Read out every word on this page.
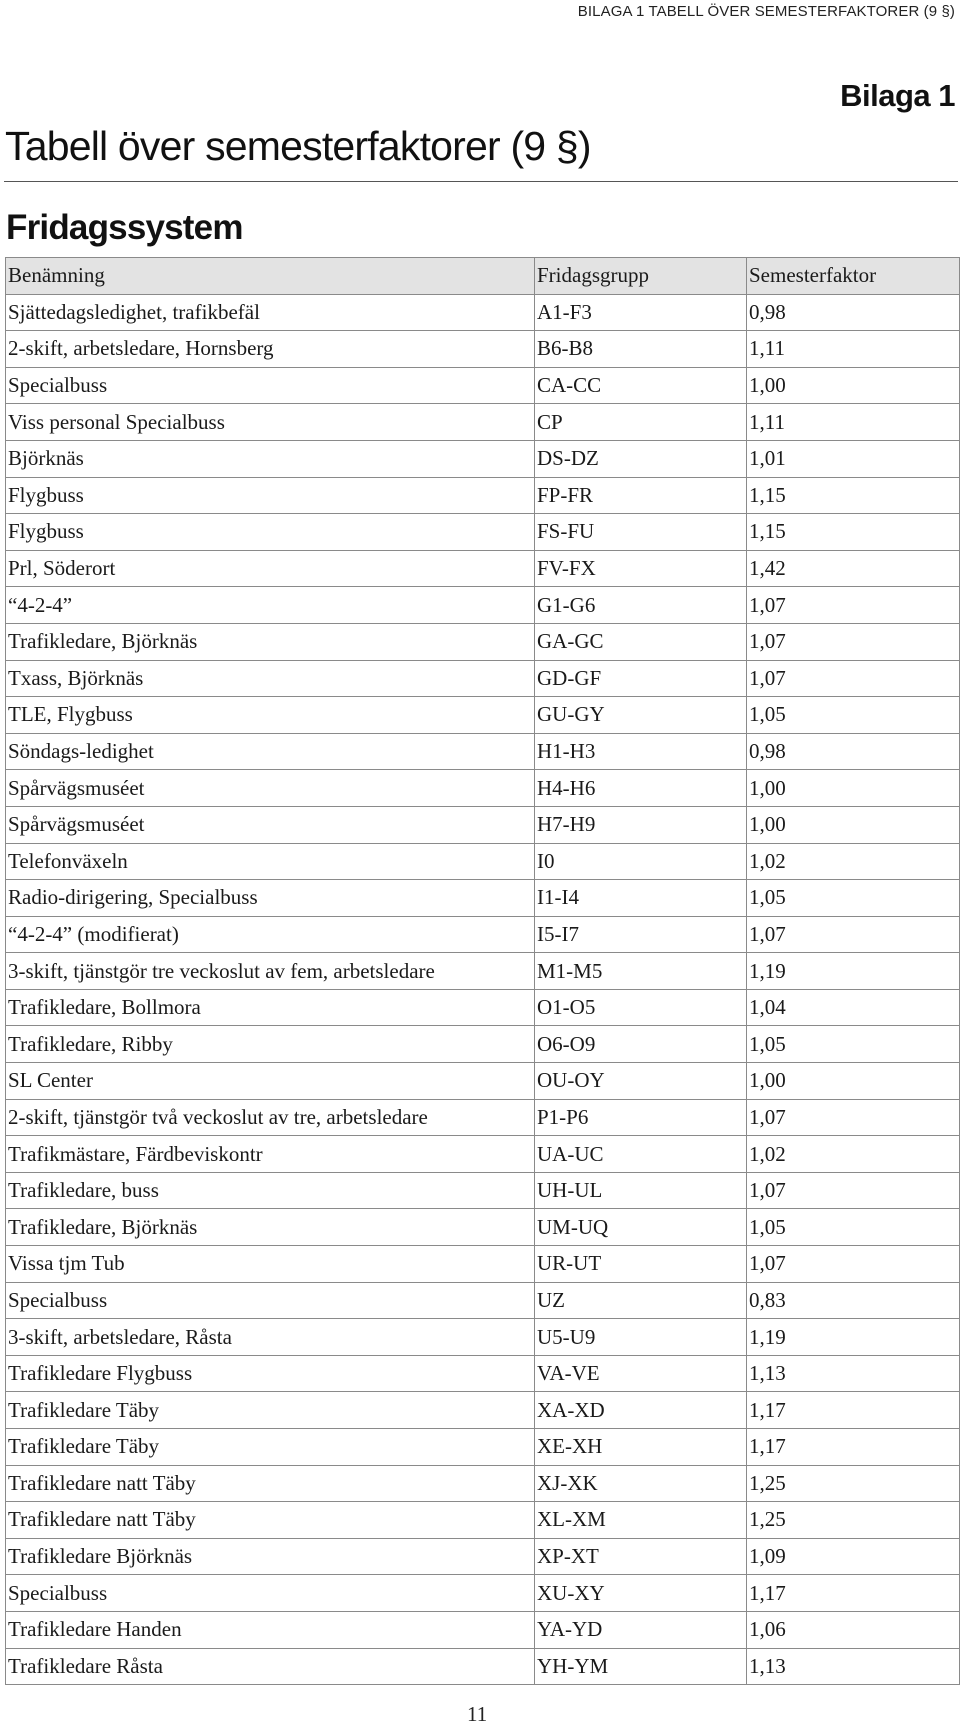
BILAGA 1 TABELL ÖVER SEMESTERFAKTORER (9 §)
Bilaga 1
Tabell över semesterfaktorer (9 §)
Fridagssystem
Benämning	Fridagsgrupp	Semesterfaktor
Sjättedagsledighet, trafikbefäl	A1-F3	0,98
2-skift, arbetsledare, Hornsberg	B6-B8	1,11
Specialbuss	CA-CC	1,00
Viss personal Specialbuss	CP	1,11
Björknäs	DS-DZ	1,01
Flygbuss	FP-FR	1,15
Flygbuss	FS-FU	1,15
Prl, Söderort	FV-FX	1,42
“4-2-4”	G1-G6	1,07
Trafikledare, Björknäs	GA-GC	1,07
Txass, Björknäs	GD-GF	1,07
TLE, Flygbuss	GU-GY	1,05
Söndags-ledighet	H1-H3	0,98
Spårvägsmuséet	H4-H6	1,00
Spårvägsmuséet	H7-H9	1,00
Telefonväxeln	I0	1,02
Radio-dirigering, Specialbuss	I1-I4	1,05
“4-2-4” (modifierat)	I5-I7	1,07
3-skift, tjänstgör tre veckoslut av fem, arbetsledare	M1-M5	1,19
Trafikledare, Bollmora	O1-O5	1,04
Trafikledare, Ribby	O6-O9	1,05
SL Center	OU-OY	1,00
2-skift, tjänstgör två veckoslut av tre, arbetsledare	P1-P6	1,07
Trafikmästare, Färdbeviskontr	UA-UC	1,02
Trafikledare, buss	UH-UL	1,07
Trafikledare, Björknäs	UM-UQ	1,05
Vissa tjm Tub	UR-UT	1,07
Specialbuss	UZ	0,83
3-skift, arbetsledare, Råsta	U5-U9	1,19
Trafikledare Flygbuss	VA-VE	1,13
Trafikledare Täby	XA-XD	1,17
Trafikledare Täby	XE-XH	1,17
Trafikledare natt Täby	XJ-XK	1,25
Trafikledare natt Täby	XL-XM	1,25
Trafikledare Björknäs	XP-XT	1,09
Specialbuss	XU-XY	1,17
Trafikledare Handen	YA-YD	1,06
Trafikledare Råsta	YH-YM	1,13
11
